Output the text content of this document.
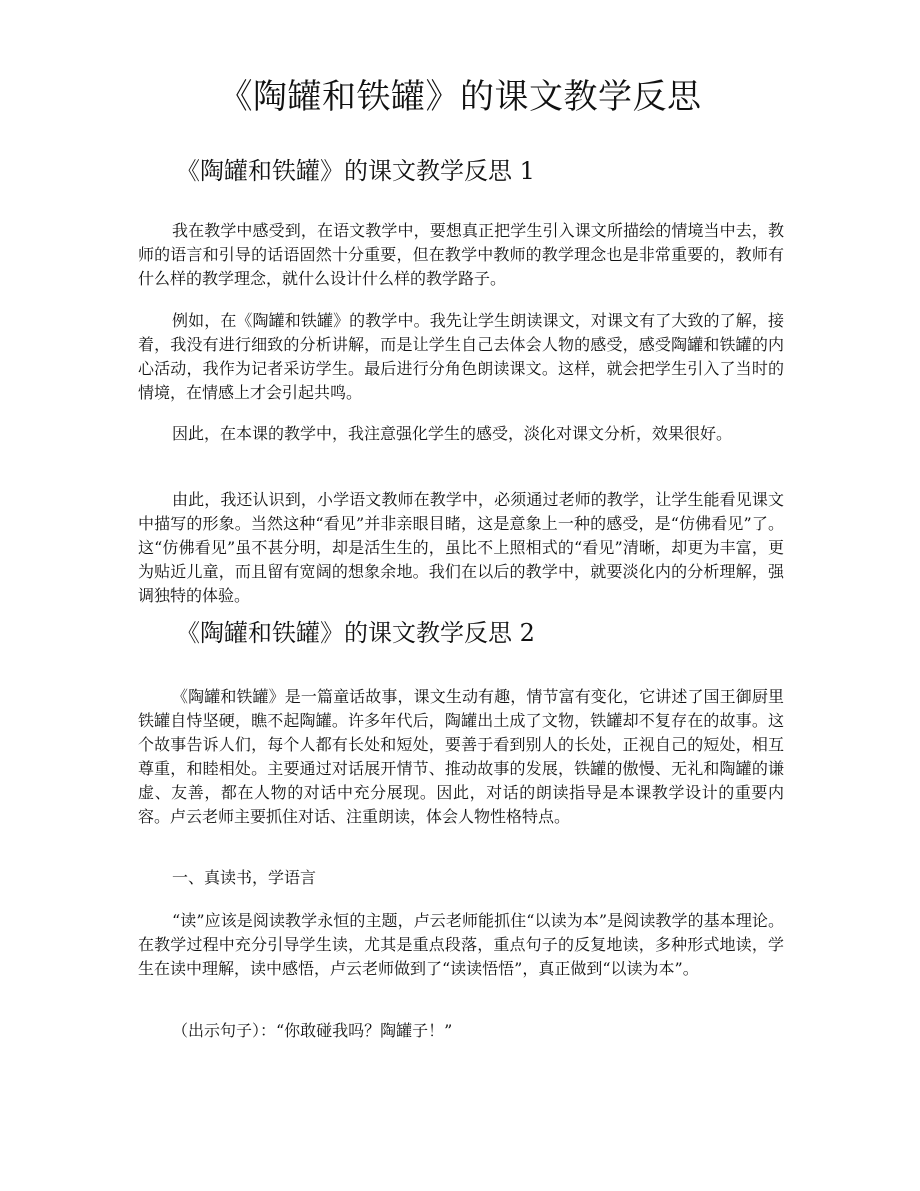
《陶罐和铁罐》的课文教学反思
《陶罐和铁罐》的课文教学反思 1

我在教学中感受到，在语文教学中，要想真正把学生引入课文所描绘的情境当中去，教师的语言和引导的话语固然十分重要，但在教学中教师的教学理念也是非常重要的，教师有什么样的教学理念，就什么设计什么样的教学路子。

例如，在《陶罐和铁罐》的教学中。我先让学生朗读课文，对课文有了大致的了解，接着，我没有进行细致的分析讲解，而是让学生自己去体会人物的感受，感受陶罐和铁罐的内心活动，我作为记者采访学生。最后进行分角色朗读课文。这样，就会把学生引入了当时的情境，在情感上才会引起共鸣。

因此，在本课的教学中，我注意强化学生的感受，淡化对课文分析，效果很好。

由此，我还认识到，小学语文教师在教学中，必须通过老师的教学，让学生能看见课文中描写的形象。当然这种“看见”并非亲眼目睹，这是意象上一种的感受，是“仿佛看见”了。这“仿佛看见”虽不甚分明，却是活生生的，虽比不上照相式的“看见”清晰，却更为丰富，更为贴近儿童，而且留有宽阔的想象余地。我们在以后的教学中，就要淡化内的分析理解，强调独特的体验。

《陶罐和铁罐》的课文教学反思 2

《陶罐和铁罐》是一篇童话故事，课文生动有趣，情节富有变化，它讲述了国王御厨里铁罐自恃坚硬，瞧不起陶罐。许多年代后，陶罐出土成了文物，铁罐却不复存在的故事。这个故事告诉人们，每个人都有长处和短处，要善于看到别人的长处，正视自己的短处，相互尊重，和睦相处。主要通过对话展开情节、推动故事的发展，铁罐的傲慢、无礼和陶罐的谦虚、友善，都在人物的对话中充分展现。因此，对话的朗读指导是本课教学设计的重要内容。卢云老师主要抓住对话、注重朗读，体会人物性格特点。

一、真读书，学语言

“读”应该是阅读教学永恒的主题，卢云老师能抓住“以读为本”是阅读教学的基本理论。在教学过程中充分引导学生读，尤其是重点段落，重点句子的反复地读，多种形式地读，学生在读中理解，读中感悟，卢云老师做到了“读读悟悟”，真正做到“以读为本”。

（出示句子）：“你敢碰我吗？陶罐子！”
